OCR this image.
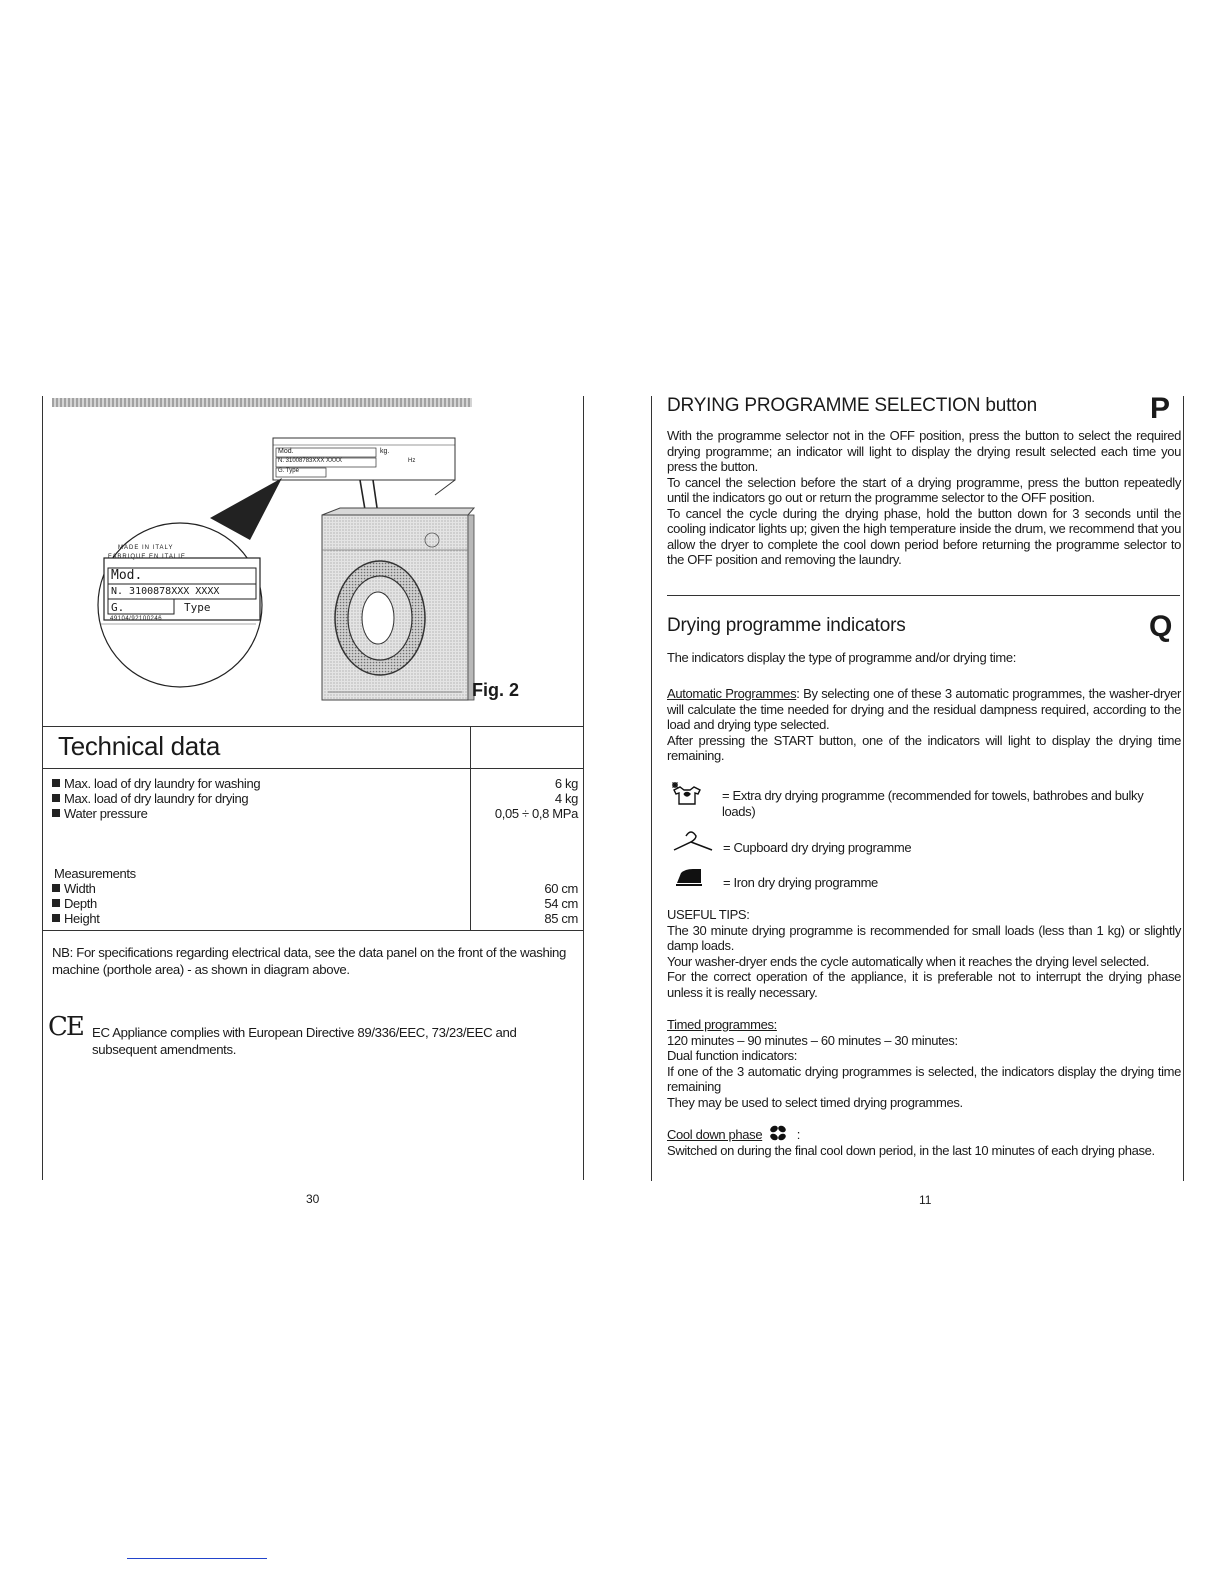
Mod.
N. 31008783XXX XXXX
G. Type
kg.
Hz
MADE IN ITALY
FABRIQUE EN ITALIE
Mod.
N. 3100878XXX XXXX
G.	Type
49104/92100246
Fig. 2
Technical data
Max. load of dry laundry for washing	6 kg
Max. load of dry laundry for drying	4 kg
Water pressure	0,05 ÷ 0,8 MPa
Measurements
Width	60 cm
Depth	54 cm
Height	85 cm

NB: For specifications regarding electrical data, see the data panel on the front of the washing machine (porthole area) - as shown in diagram above.

CE EC Appliance complies with European Directive 89/336/EEC, 73/23/EEC and
subsequent amendments.
30
DRYING PROGRAMME SELECTION button	P

With the programme selector not in the OFF position, press the button to select the required drying programme; an indicator will light to display the drying result selected each time you press the button.

To cancel the selection before the start of a drying programme, press the button repeatedly until the indicators go out or return the programme selector to the OFF position.

To cancel the cycle during the drying phase, hold the button down for 3 seconds until the cooling indicator lights up; given the high temperature inside the drum, we recommend that you allow the dryer to complete the cool down period before returning the programme selector to the OFF position and removing the laundry.

Drying programme indicators	Q

The indicators display the type of programme and/or drying time:

Automatic Programmes: By selecting one of these 3 automatic programmes, the washer-dryer will calculate the time needed for drying and the residual dampness required, according to the load and drying type selected.

After pressing the START button, one of the indicators will light to display the drying time remaining.

= Extra dry drying programme (recommended for towels, bathrobes and bulky loads)
= Cupboard dry drying programme
= Iron dry drying programme

USEFUL TIPS:

The 30 minute drying programme is recommended for small loads (less than 1 kg) or slightly damp loads.

Your washer-dryer ends the cycle automatically when it reaches the drying level selected.

For the correct operation of the appliance, it is preferable not to interrupt the drying phase unless it is really necessary.

Timed programmes:

120 minutes – 90 minutes – 60 minutes – 30 minutes:

Dual function indicators:

If one of the 3 automatic drying programmes is selected, the indicators display the drying time remaining

They may be used to select timed drying programmes.

Cool down phase	:

Switched on during the final cool down period, in the last 10 minutes of each drying phase.

11
